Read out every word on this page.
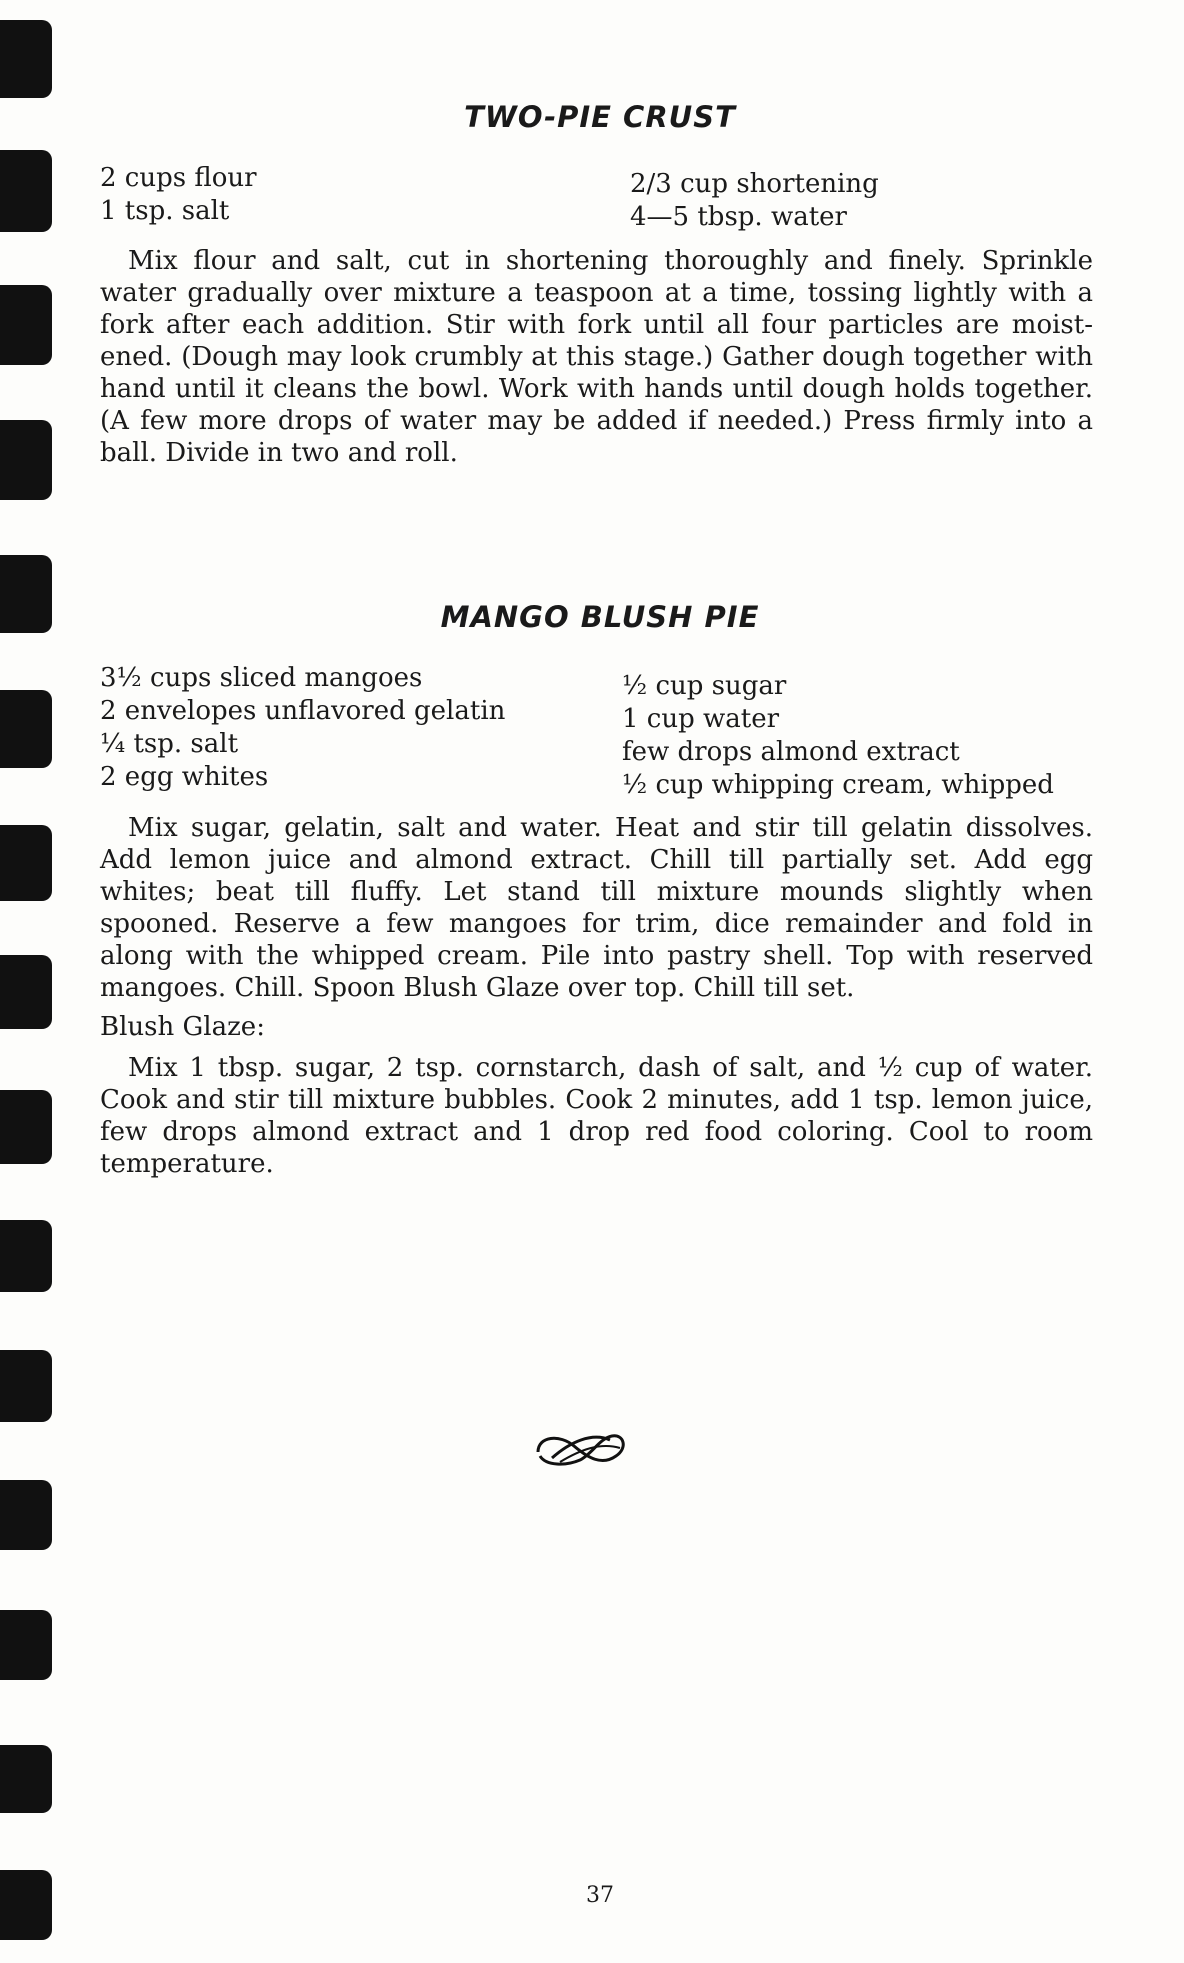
TWO-PIE CRUST
2 cups flour
1 tsp. salt
2/3 cup shortening
4—5 tbsp. water

Mix flour and salt, cut in shortening thoroughly and finely. Sprinkle water gradually over mixture a teaspoon at a time, tossing lightly with a fork after each addition. Stir with fork until all four particles are moist-ened. (Dough may look crumbly at this stage.) Gather dough together with hand until it cleans the bowl. Work with hands until dough holds together. (A few more drops of water may be added if needed.) Press firmly into a ball. Divide in two and roll.

MANGO BLUSH PIE
3½ cups sliced mangoes
2 envelopes unflavored gelatin
¼ tsp. salt
2 egg whites
½ cup sugar
1 cup water
few drops almond extract
½ cup whipping cream, whipped

Mix sugar, gelatin, salt and water. Heat and stir till gelatin dissolves. Add lemon juice and almond extract. Chill till partially set. Add egg whites; beat till fluffy. Let stand till mixture mounds slightly when spooned. Reserve a few mangoes for trim, dice remainder and fold in along with the whipped cream. Pile into pastry shell. Top with reserved mangoes. Chill. Spoon Blush Glaze over top. Chill till set.

Blush Glaze:

Mix 1 tbsp. sugar, 2 tsp. cornstarch, dash of salt, and ½ cup of water. Cook and stir till mixture bubbles. Cook 2 minutes, add 1 tsp. lemon juice, few drops almond extract and 1 drop red food coloring. Cool to room temperature.

37
